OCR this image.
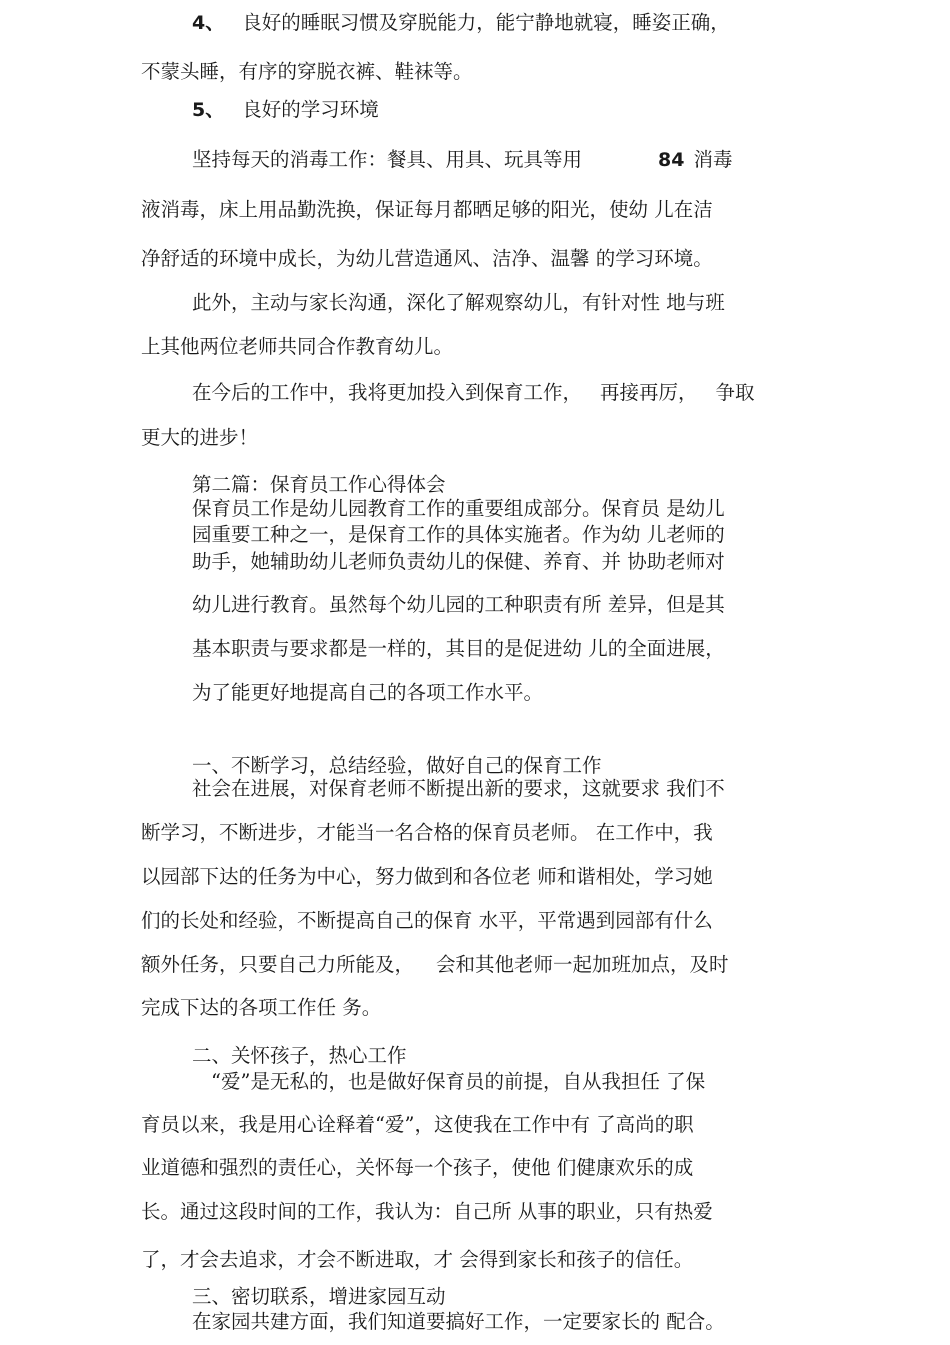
4、 良好的睡眠习惯及穿脱能力，能宁静地就寝，睡姿正确，

不蒙头睡，有序的穿脱衣裤、鞋袜等。

5、 良好的学习环境

坚持每天的消毒工作：餐具、用具、玩具等用	84 消毒

液消毒，床上用品勤洗换，保证每月都晒足够的阳光，使幼 儿在洁

净舒适的环境中成长，为幼儿营造通风、洁净、温馨 的学习环境。

此外，主动与家长沟通，深化了解观察幼儿，有针对性 地与班

上其他两位老师共同合作教育幼儿。

在今后的工作中，我将更加投入到保育工作， 再接再厉， 争取

更大的进步！

第二篇：保育员工作心得体会

保育员工作是幼儿园教育工作的重要组成部分。保育员 是幼儿

园重要工种之一，是保育工作的具体实施者。作为幼 儿老师的

助手，她辅助幼儿老师负责幼儿的保健、养育、并 协助老师对

幼儿进行教育。虽然每个幼儿园的工种职责有所 差异，但是其

基本职责与要求都是一样的，其目的是促进幼 儿的全面进展，

为了能更好地提高自己的各项工作水平。

一、不断学习，总结经验，做好自己的保育工作

社会在进展，对保育老师不断提出新的要求，这就要求 我们不

断学习，不断进步，才能当一名合格的保育员老师。 在工作中，我

以园部下达的任务为中心，努力做到和各位老 师和谐相处，学习她

们的长处和经验，不断提高自己的保育 水平，平常遇到园部有什么

额外任务，只要自己力所能及， 会和其他老师一起加班加点，及时

完成下达的各项工作任 务。

二、关怀孩子，热心工作

“爱”是无私的，也是做好保育员的前提，自从我担任 了保

育员以来，我是用心诠释着“爱”，这使我在工作中有 了高尚的职

业道德和强烈的责任心，关怀每一个孩子，使他 们健康欢乐的成

长。通过这段时间的工作，我认为：自己所 从事的职业，只有热爱

了，才会去追求，才会不断进取，才 会得到家长和孩子的信任。

三、密切联系，增进家园互动

在家园共建方面，我们知道要搞好工作，一定要家长的 配合。
